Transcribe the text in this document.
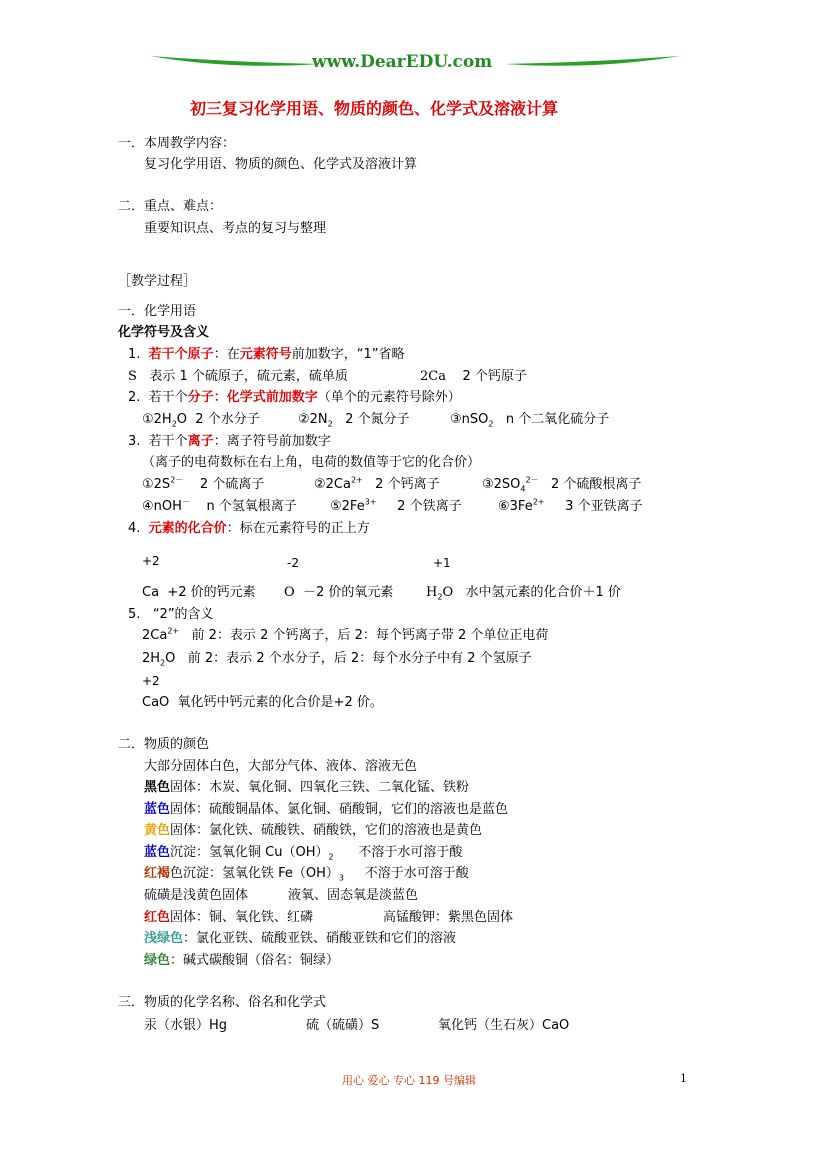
www.DearEDU.com
初三复习化学用语、物质的颜色、化学式及溶液计算
一．本周教学内容：
复习化学用语、物质的颜色、化学式及溶液计算
二．重点、难点：
重要知识点、考点的复习与整理
［教学过程］
一．化学用语
化学符号及含义
1. 若干个原子：在元素符号前加数字，“1”省略
S 表示 1 个硫原子，硫元素，硫单质	2Ca 2 个钙原子
2. 若干个分子：化学式前加数字（单个的元素符号除外）
$①2H_2O$ 2 个水分子	$②2N_2$ 2 个氮分子	③nSO$_2$ n 个二氧化硫分子
3. 若干个离子：离子符号前加数字
（离子的电荷数标在右上角，电荷的数值等于它的化合价）
$①2S^{2-}$ 2 个硫离子	$②2Ca^{2+}$ 2 个钙离子	$③2SO_4^{2-}$ 2 个硫酸根离子
④nOH－ n 个氢氧根离子	$⑤2Fe^{3+}$ 2 个铁离子	$⑥3Fe^{2+}$ 3 个亚铁离子
4. 元素的化合价：标在元素符号的正上方
+2	-2	+1
Ca +2 价的钙元素 O －2 价的氧元素	$H_2O$ 水中氢元素的化合价＋1 价
5. “2”的含义
$2Ca^{2+}$ 前 2：表示 2 个钙离子，后 2：每个钙离子带 2 个单位正电荷
$2H_2O$ 前 2：表示 2 个水分子，后 2：每个水分子中有 2 个氢原子
+2
CaO 氧化钙中钙元素的化合价是+2 价。
二．物质的颜色
大部分固体白色，大部分气体、液体、溶液无色
黑色固体：木炭、氧化铜、四氧化三铁、二氧化锰、铁粉
蓝色固体：硫酸铜晶体、氯化铜、硝酸铜，它们的溶液也是蓝色
黄色固体：氯化铁、硫酸铁、硝酸铁，它们的溶液也是黄色
蓝色沉淀：氢氧化铜 $Cu(OH)_2$ 不溶于水可溶于酸
红褐色沉淀：氢氧化铁 $Fe(OH)_3$ 不溶于水可溶于酸
硫磺是浅黄色固体	液氧、固态氧是淡蓝色
红色固体：铜、氧化铁、红磷	高锰酸钾：紫黑色固体
浅绿色：氯化亚铁、硫酸亚铁、硝酸亚铁和它们的溶液
绿色：碱式碳酸铜（俗名：铜绿）
三．物质的化学名称、俗名和化学式
汞（水银）Hg	硫（硫磺）S	氧化钙（生石灰）CaO
用心 爱心 专心 119 号编辑	1
